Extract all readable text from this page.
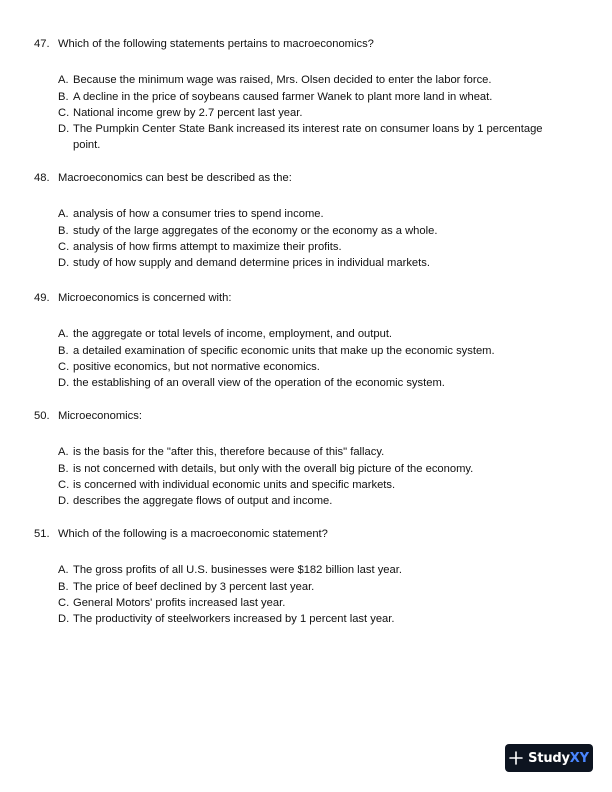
47. Which of the following statements pertains to macroeconomics?
A. Because the minimum wage was raised, Mrs. Olsen decided to enter the labor force.
B. A decline in the price of soybeans caused farmer Wanek to plant more land in wheat.
C. National income grew by 2.7 percent last year.
D. The Pumpkin Center State Bank increased its interest rate on consumer loans by 1 percentage point.
48. Macroeconomics can best be described as the:
A. analysis of how a consumer tries to spend income.
B. study of the large aggregates of the economy or the economy as a whole.
C. analysis of how firms attempt to maximize their profits.
D. study of how supply and demand determine prices in individual markets.
49. Microeconomics is concerned with:
A. the aggregate or total levels of income, employment, and output.
B. a detailed examination of specific economic units that make up the economic system.
C. positive economics, but not normative economics.
D. the establishing of an overall view of the operation of the economic system.
50. Microeconomics:
A. is the basis for the "after this, therefore because of this" fallacy.
B. is not concerned with details, but only with the overall big picture of the economy.
C. is concerned with individual economic units and specific markets.
D. describes the aggregate flows of output and income.
51. Which of the following is a macroeconomic statement?
A. The gross profits of all U.S. businesses were $182 billion last year.
B. The price of beef declined by 3 percent last year.
C. General Motors' profits increased last year.
D. The productivity of steelworkers increased by 1 percent last year.
StudyXY
